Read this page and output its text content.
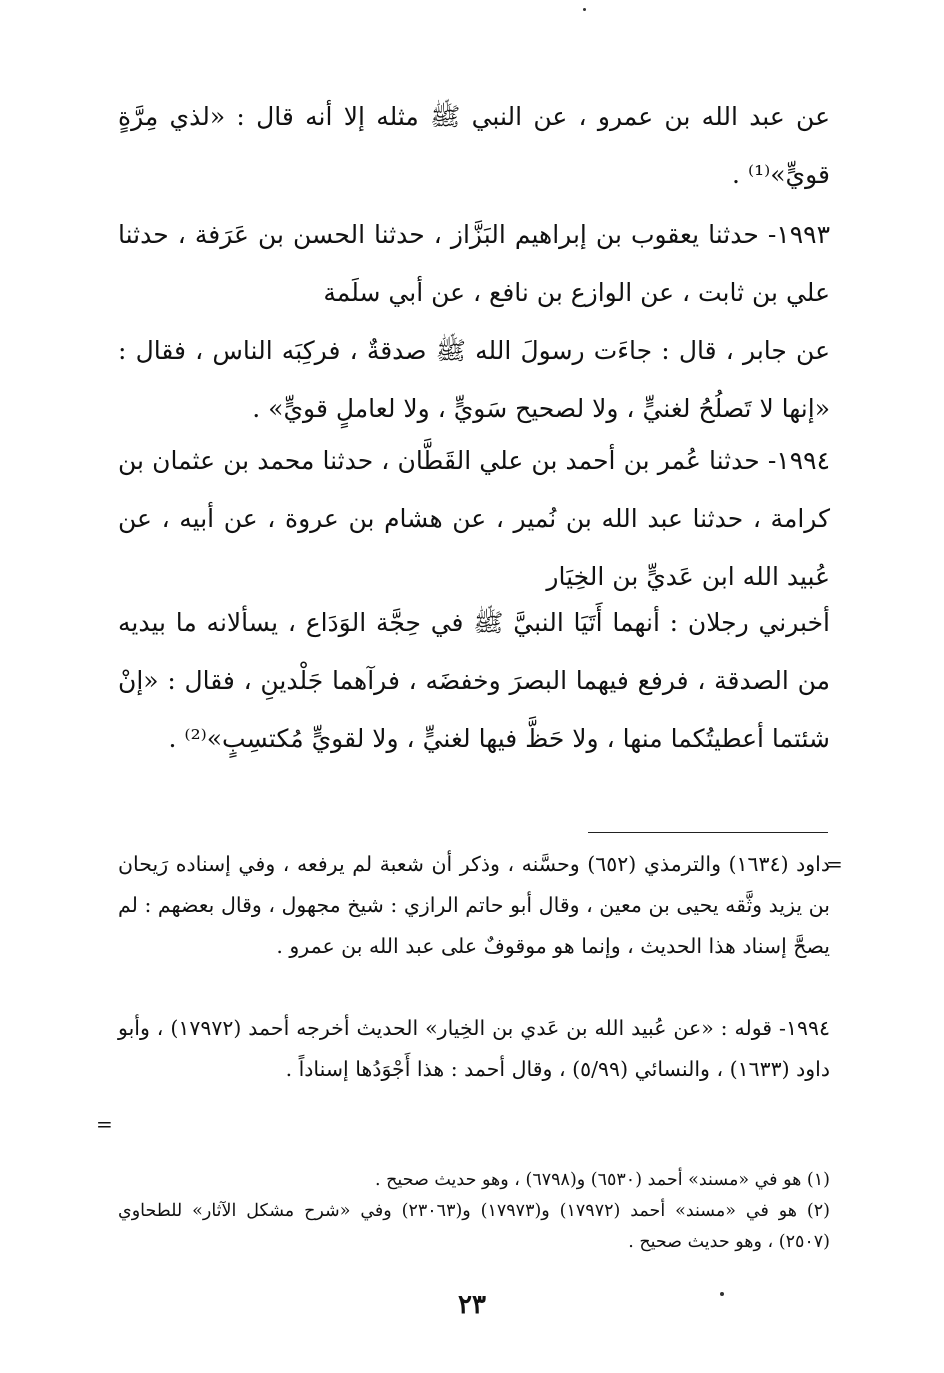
عن عبد الله بن عمرو ، عن النبي ﷺ مثله إلا أنه قال : «لذي مِرَّةٍ قويٍّ»⁽¹⁾ .

١٩٩٣- حدثنا يعقوب بن إبراهيم البَزَّاز ، حدثنا الحسن بن عَرَفة ، حدثنا علي بن ثابت ، عن الوازع بن نافع ، عن أبي سلَمة

عن جابر ، قال : جاءَت رسولَ الله ﷺ صدقةٌ ، فركِبَه الناس ، فقال : «إنها لا تَصلُحُ لغنيٍّ ، ولا لصحيح سَويٍّ ، ولا لعاملٍ قويٍّ» .

١٩٩٤- حدثنا عُمر بن أحمد بن علي القَطَّان ، حدثنا محمد بن عثمان بن كرامة ، حدثنا عبد الله بن نُمير ، عن هشام بن عروة ، عن أبيه ، عن عُبيد الله ابن عَديٍّ بن الخِيَار

أخبرني رجلان : أنهما أَتَيَا النبيَّ ﷺ في حِجَّة الوَدَاع ، يسألانه ما بيديه من الصدقة ، فرفع فيهما البصرَ وخفضَه ، فرآهما جَلْدينِ ، فقال : «إنْ شئتما أعطيتُكما منها ، ولا حَظَّ فيها لغنيٍّ ، ولا لقويٍّ مُكتسِبٍ»⁽²⁾ .

=

داود (١٦٣٤) والترمذي (٦٥٢) وحسَّنه ، وذكر أن شعبة لم يرفعه ، وفي إسناده رَيحان بن يزيد وثَّقه يحيى بن معين ، وقال أبو حاتم الرازي : شيخ مجهول ، وقال بعضهم : لم يصحَّ إسناد هذا الحديث ، وإنما هو موقوفٌ على عبد الله بن عمرو .

١٩٩٤- قوله : «عن عُبيد الله بن عَدي بن الخِيار» الحديث أخرجه أحمد (١٧٩٧٢) ، وأبو داود (١٦٣٣) ، والنسائي (٥/٩٩) ، وقال أحمد : هذا أَجْوَدُها إسناداً .

=

(١) هو في «مسند» أحمد (٦٥٣٠) و(٦٧٩٨) ، وهو حديث صحيح .

(٢) هو في «مسند» أحمد (١٧٩٧٢) و(١٧٩٧٣) و(٢٣٠٦٣) وفي «شرح مشكل الآثار» للطحاوي (٢٥٠٧) ، وهو حديث صحيح .

٢٣
